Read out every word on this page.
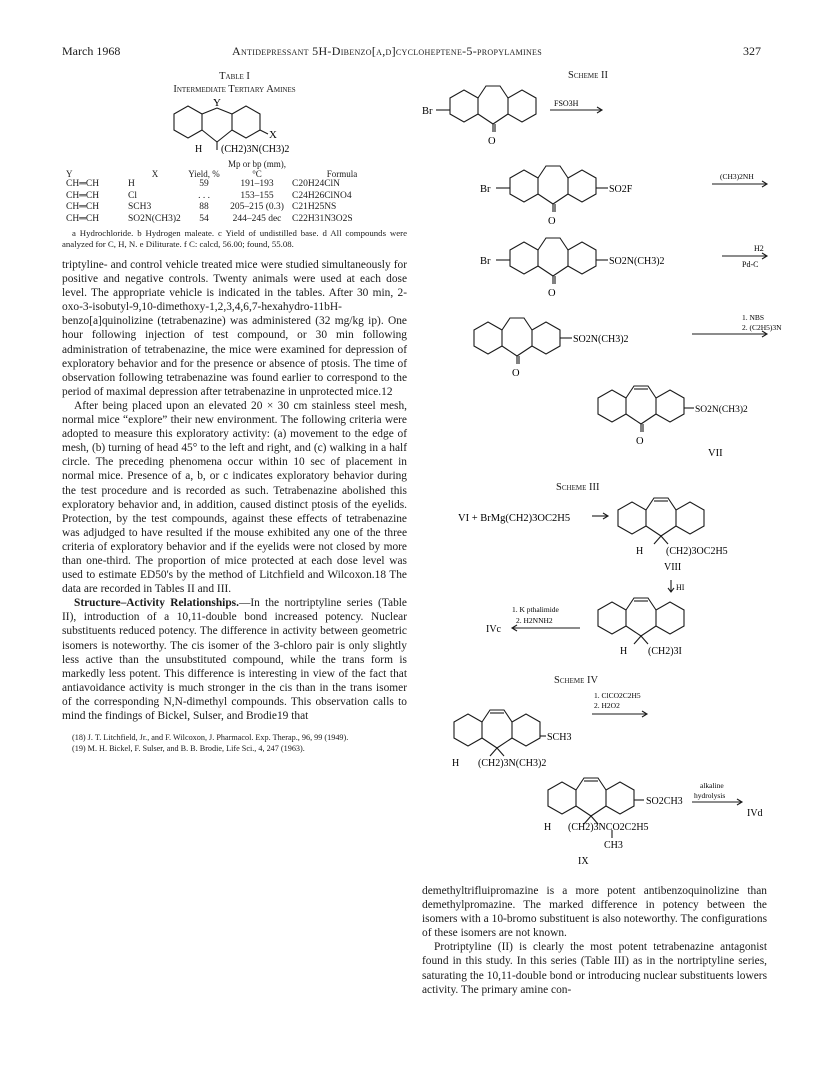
March 1968	Antidepressant 5H-Dibenzo[a,d]cycloheptene-5-propylamines	327
Table I
Intermediate Tertiary Amines
Y
X
H (CH2)3N(CH3)2
Y	X	Yield, %	Mp or bp (mm), °C	Formula
CH═CH	H	59	191–193	C20H24ClN
CH═CH	Cl	. . .	153–155	C24H26ClNO4
CH═CH	SCH3	88	205–215 (0.3)	C21H25NS
CH═CH	SO2N(CH3)2	54	244–245 dec	C22H31N3O2S
a Hydrochloride. b Hydrogen maleate. c Yield of undistilled base. d All compounds were analyzed for C, H, N. e Diliturate. f C: calcd, 56.00; found, 55.08.

triptyline- and control vehicle treated mice were studied simultaneously for positive and negative controls. Twenty animals were used at each dose level. The appropriate vehicle is indicated in the tables. After 30 min, 2-oxo-3-isobutyl-9,10-dimethoxy-1,2,3,4,6,7-hexahydro-11bH-benzo[a]quinolizine (tetrabenazine) was administered (32 mg/kg ip). One hour following injection of test compound, or 30 min following administration of tetrabenazine, the mice were examined for depression of exploratory behavior and for the presence or absence of ptosis. The time of observation following tetrabenazine was found earlier to correspond to the period of maximal depression after tetrabenazine in unprotected mice.12

After being placed upon an elevated 20 × 30 cm stainless steel mesh, normal mice “explore” their new environment. The following criteria were adopted to measure this exploratory activity: (a) movement to the edge of mesh, (b) turning of head 45° to the left and right, and (c) walking in a half circle. The preceding phenomena occur within 10 sec of placement in normal mice. Presence of a, b, or c indicates exploratory behavior during the test procedure and is recorded as such. Tetrabenazine abolished this exploratory behavior and, in addition, caused distinct ptosis of the eyelids. Protection, by the test compounds, against these effects of tetrabenazine was adjudged to have resulted if the mouse exhibited any one of the three criteria of exploratory behavior and if the eyelids were not closed by more than one-third. The proportion of mice protected at each dose level was used to estimate ED50's by the method of Litchfield and Wilcoxon.18 The data are recorded in Tables II and III.

Structure–Activity Relationships.—In the nortriptyline series (Table II), introduction of a 10,11-double bond increased potency. Nuclear substituents reduced potency. The difference in activity between geometric isomers is noteworthy. The cis isomer of the 3-chloro pair is only slightly less active than the unsubstituted compound, while the trans form is markedly less potent. This difference is interesting in view of the fact that antiavoidance activity is much stronger in the cis than in the trans isomer of the corresponding N,N-dimethyl compounds. This observation calls to mind the findings of Bickel, Sulser, and Brodie19 that

(18) J. T. Litchfield, Jr., and F. Wilcoxon, J. Pharmacol. Exp. Therap., 96, 99 (1949).

(19) M. H. Bickel, F. Sulser, and B. B. Brodie, Life Sci., 4, 247 (1963).

Scheme II
Br
O
FSO3H
Br
O
SO2F
(CH3)2NH
Br
O
SO2N(CH3)2
H2
Pd-C
O
SO2N(CH3)2
1. NBS
2. (C2H5)3N
O
SO2N(CH3)2
VII
Scheme III
VI + BrMg(CH2)3OC2H5
H (CH2)3OC2H5
VIII
HI
1. K pthalimide
2. H2NNH2
IVc
H (CH2)3I
Scheme IV
1. ClCO2C2H5
2. H2O2
SCH3
H (CH2)3N(CH3)2
SO2CH3
alkaline
hydrolysis
IVd
H (CH2)3NCO2C2H5
CH3
IX

demethyltrifluipromazine is a more potent antibenzoquinolizine than demethylpromazine. The marked difference in potency between the isomers with a 10-bromo substituent is also noteworthy. The configurations of these isomers are not known.

Protriptyline (II) is clearly the most potent tetrabenazine antagonist found in this study. In this series (Table III) as in the nortriptyline series, saturating the 10,11-double bond or introducing nuclear substituents lowers activity. The primary amine con-
